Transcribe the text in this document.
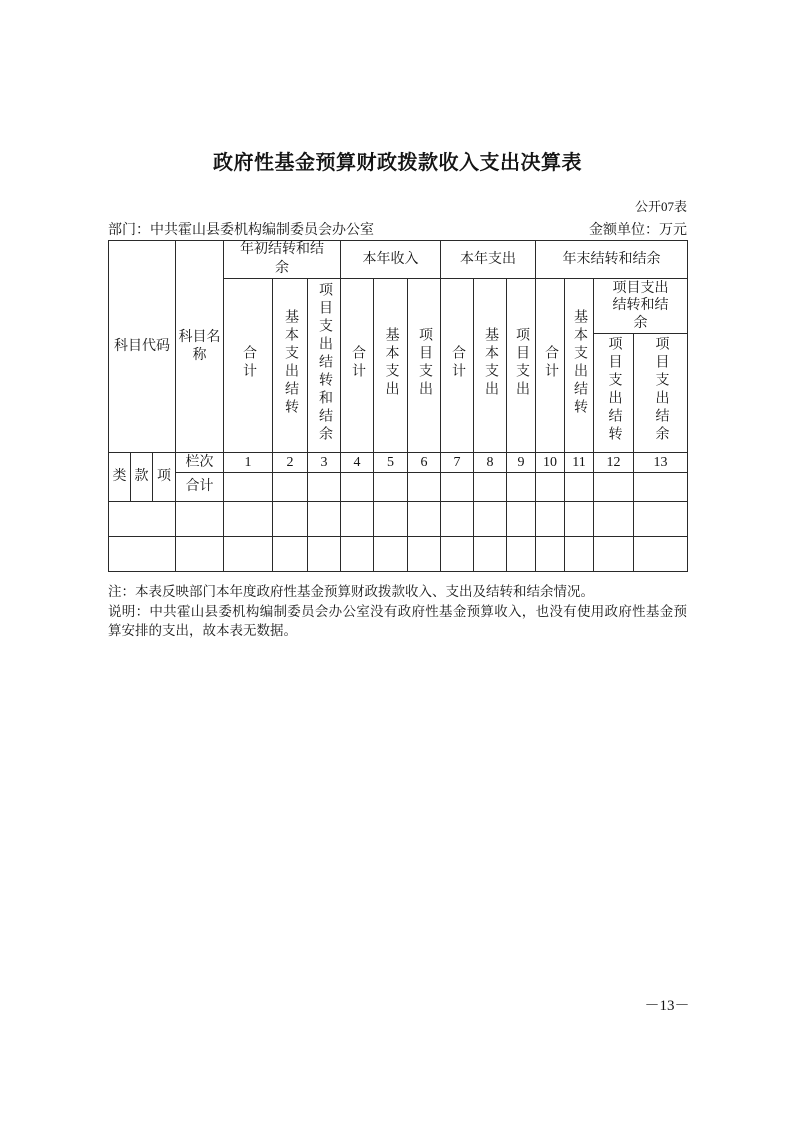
政府性基金预算财政拨款收入支出决算表
公开07表
部门：中共霍山县委机构编制委员会办公室	金额单位：万元
科目代码			科目名称	年初结转和结余			本年收入			本年支出			年末结转和结余			
				合计	基本支出结转	项目支出结转和结余	合计	基本支出	项目支出	合计	基本支出	项目支出	合计	基本支出结转	项目支出结转和结余	
															项目支出结转	项目支出结余
类	款	项	栏次	1	2	3	4	5	6	7	8	9	10	11	12	13
			合计													

注：本表反映部门本年度政府性基金预算财政拨款收入、支出及结转和结余情况。
说明：中共霍山县委机构编制委员会办公室没有政府性基金预算收入，也没有使用政府性基金预算安排的支出，故本表无数据。
－13－
